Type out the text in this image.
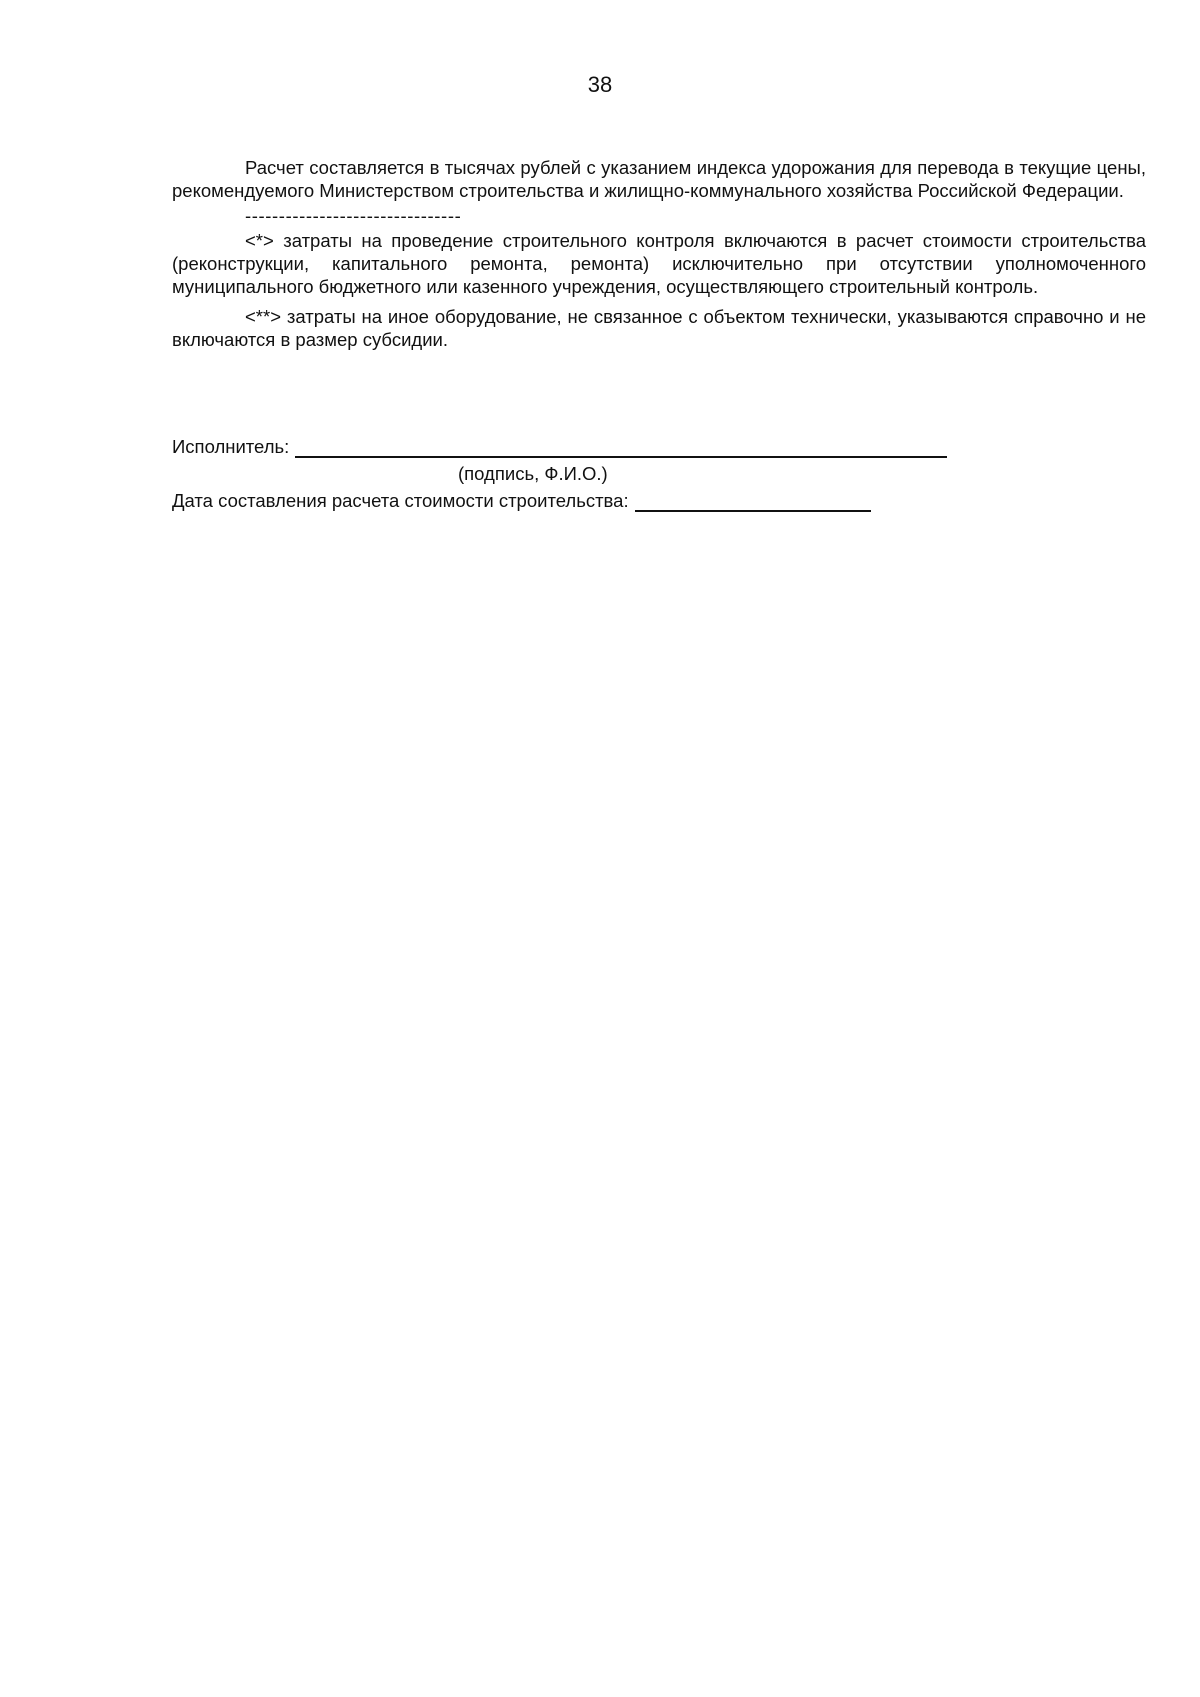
38

Расчет составляется в тысячах рублей с указанием индекса удорожания для перевода в текущие цены, рекомендуемого Министерством строительства и жилищно-коммунального хозяйства Российской Федерации.

--------------------------------

<*> затраты на проведение строительного контроля включаются в расчет стоимости строительства (реконструкции, капитального ремонта, ремонта) исключительно при отсутствии уполномоченного муниципального бюджетного или казенного учреждения, осуществляющего строительный контроль.

<**> затраты на иное оборудование, не связанное с объектом технически, указываются справочно и не включаются в размер субсидии.

Исполнитель:
(подпись, Ф.И.О.)
Дата составления расчета стоимости строительства:
